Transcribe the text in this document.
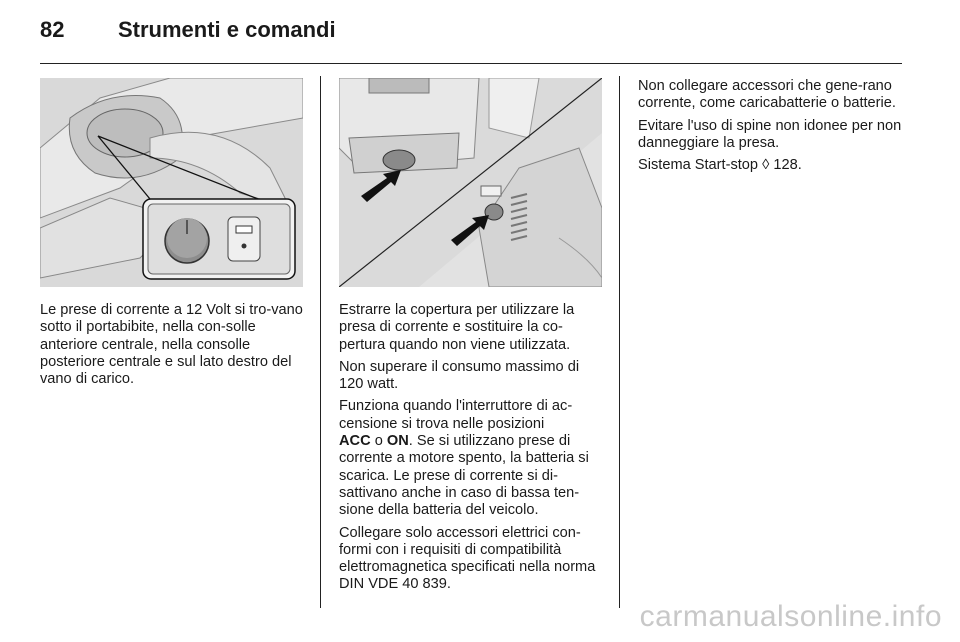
82 Strumenti e comandi

Le prese di corrente a 12 Volt si tro-vano sotto il portabibite, nella con-solle anteriore centrale, nella consolle posteriore centrale e sul lato destro del vano di carico.

Estrarre la copertura per utilizzare la presa di corrente e sostituire la co-pertura quando non viene utilizzata.

Non superare il consumo massimo di 120 watt.

Funziona quando l'interruttore di ac-censione si trova nelle posizioni
ACC o ON. Se si utilizzano prese di corrente a motore spento, la batteria si scarica. Le prese di corrente si di-sattivano anche in caso di bassa ten-sione della batteria del veicolo.

Collegare solo accessori elettrici con-formi con i requisiti di compatibilità elettromagnetica specificati nella norma DIN VDE 40 839.

Non collegare accessori che gene-rano corrente, come caricabatterie o batterie.

Evitare l'uso di spine non idonee per non danneggiare la presa.

Sistema Start-stop ◊ 128.

carmanualsonline.info
